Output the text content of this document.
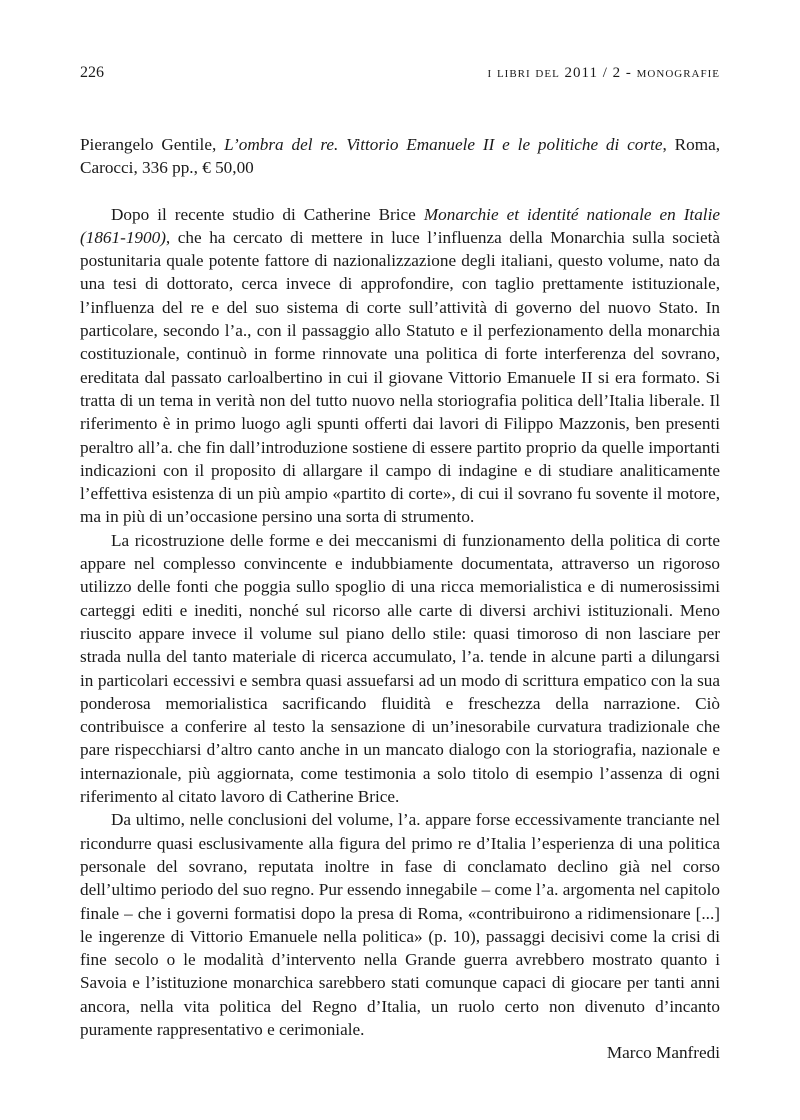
226	i libri del 2011 / 2 - monografie
Pierangelo Gentile, L’ombra del re. Vittorio Emanuele II e le politiche di corte, Roma, Carocci, 336 pp., € 50,00

Dopo il recente studio di Catherine Brice Monarchie et identité nationale en Italie (1861-1900), che ha cercato di mettere in luce l’influenza della Monarchia sulla società postunitaria quale potente fattore di nazionalizzazione degli italiani, questo volume, nato da una tesi di dottorato, cerca invece di approfondire, con taglio prettamente istituzionale, l’influenza del re e del suo sistema di corte sull’attività di governo del nuovo Stato. In particolare, secondo l’a., con il passaggio allo Statuto e il perfezionamento della monarchia costituzionale, continuò in forme rinnovate una politica di forte interferenza del sovrano, ereditata dal passato carloalbertino in cui il giovane Vittorio Emanuele II si era formato. Si tratta di un tema in verità non del tutto nuovo nella storiografia politica dell’Italia liberale. Il riferimento è in primo luogo agli spunti offerti dai lavori di Filippo Mazzonis, ben presenti peraltro all’a. che fin dall’introduzione sostiene di essere partito proprio da quelle importanti indicazioni con il proposito di allargare il campo di indagine e di studiare analiticamente l’effettiva esistenza di un più ampio «partito di corte», di cui il sovrano fu sovente il motore, ma in più di un’occasione persino una sorta di strumento.

La ricostruzione delle forme e dei meccanismi di funzionamento della politica di corte appare nel complesso convincente e indubbiamente documentata, attraverso un rigoroso utilizzo delle fonti che poggia sullo spoglio di una ricca memorialistica e di numerosissimi carteggi editi e inediti, nonché sul ricorso alle carte di diversi archivi istituzionali. Meno riuscito appare invece il volume sul piano dello stile: quasi timoroso di non lasciare per strada nulla del tanto materiale di ricerca accumulato, l’a. tende in alcune parti a dilungarsi in particolari eccessivi e sembra quasi assuefarsi ad un modo di scrittura empatico con la sua ponderosa memorialistica sacrificando fluidità e freschezza della narrazione. Ciò contribuisce a conferire al testo la sensazione di un’inesorabile curvatura tradizionale che pare rispecchiarsi d’altro canto anche in un mancato dialogo con la storiografia, nazionale e internazionale, più aggiornata, come testimonia a solo titolo di esempio l’assenza di ogni riferimento al citato lavoro di Catherine Brice.

Da ultimo, nelle conclusioni del volume, l’a. appare forse eccessivamente tranciante nel ricondurre quasi esclusivamente alla figura del primo re d’Italia l’esperienza di una politica personale del sovrano, reputata inoltre in fase di conclamato declino già nel corso dell’ultimo periodo del suo regno. Pur essendo innegabile – come l’a. argomenta nel capitolo finale – che i governi formatisi dopo la presa di Roma, «contribuirono a ridimensionare [...] le ingerenze di Vittorio Emanuele nella politica» (p. 10), passaggi decisivi come la crisi di fine secolo o le modalità d’intervento nella Grande guerra avrebbero mostrato quanto i Savoia e l’istituzione monarchica sarebbero stati comunque capaci di giocare per tanti anni ancora, nella vita politica del Regno d’Italia, un ruolo certo non divenuto d’incanto puramente rappresentativo e cerimoniale.

Marco Manfredi
